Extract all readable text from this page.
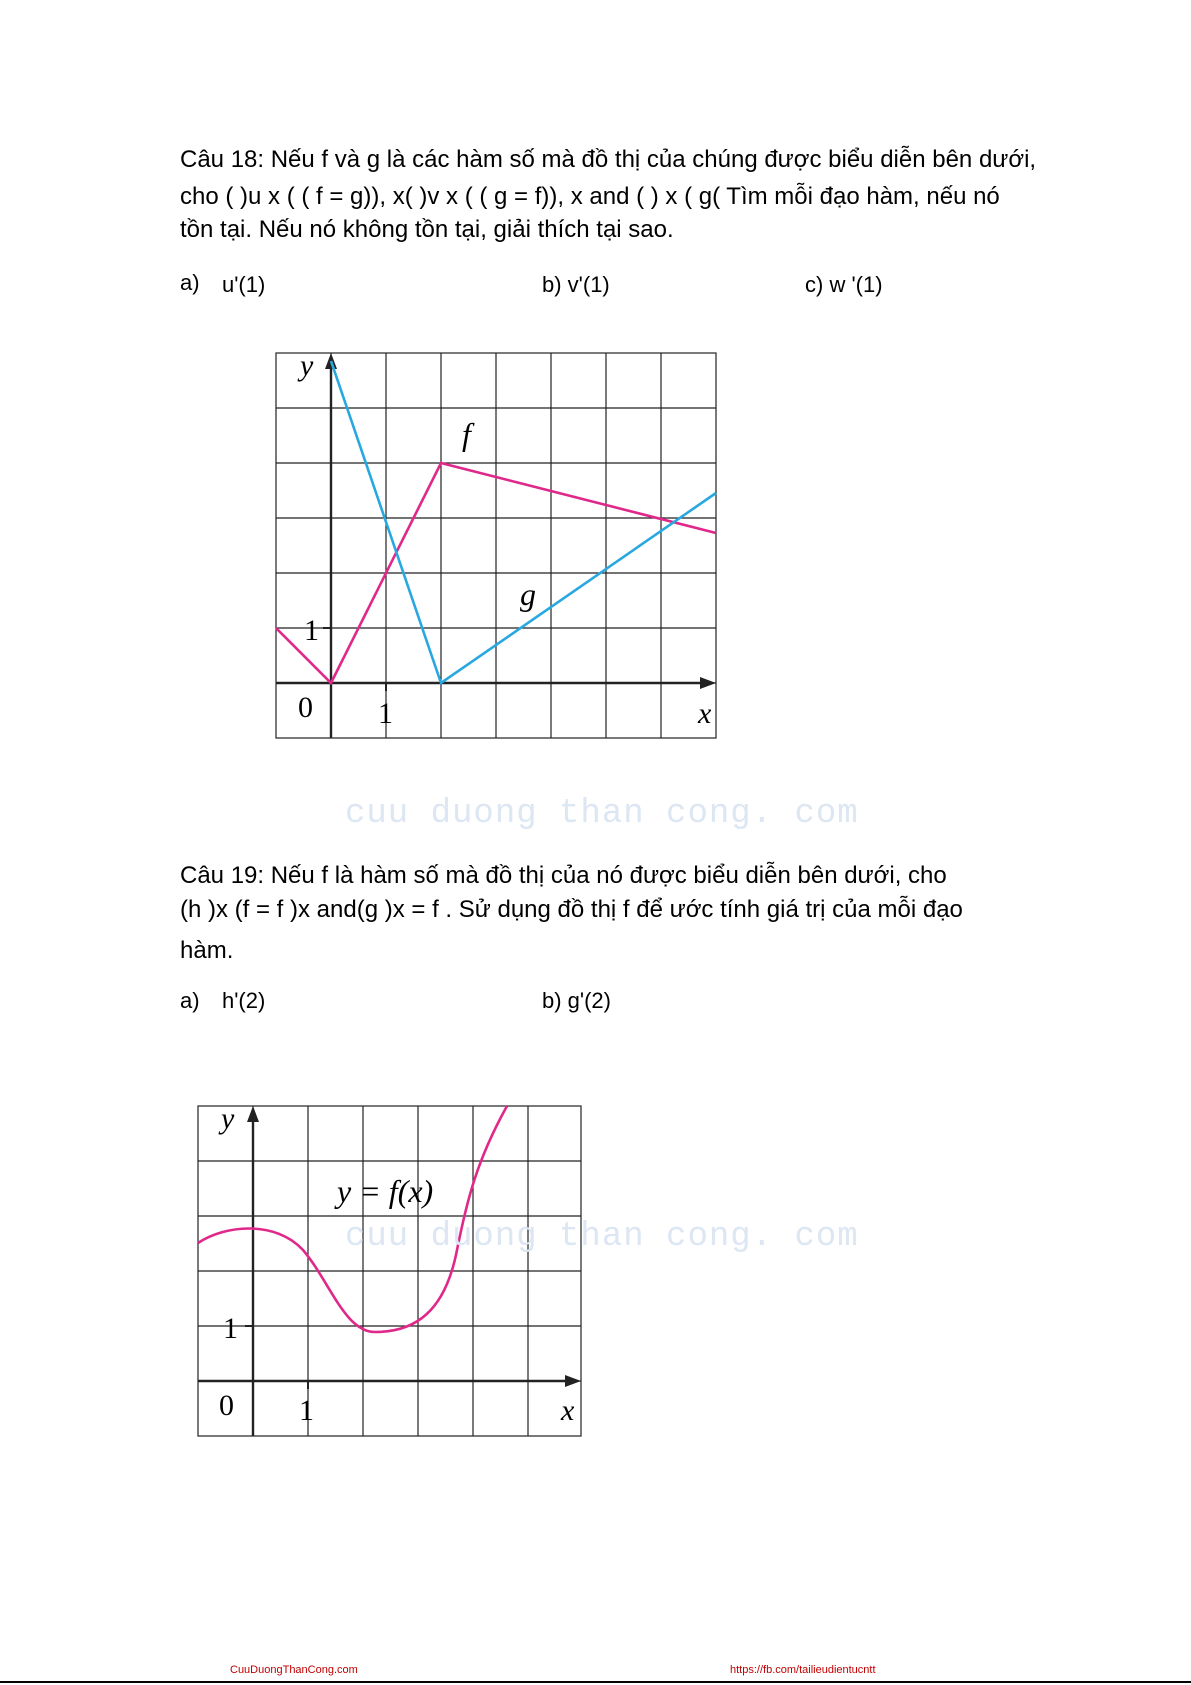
Câu 18: Nếu f và g là các hàm số mà đồ thị của chúng được biểu diễn bên dưới,
cho ( )u x ( ( f = g)), x( )v x ( ( g = f)), x and ( ) x ( g( Tìm mỗi đạo hàm, nếu nó
tồn tại. Nếu nó không tồn tại, giải thích tại sao.
a) u'(1)	b) v'(1)	c) w '(1)
y
x
0 1
1
f
g
cuu duong than cong. com
Câu 19: Nếu f là hàm số mà đồ thị của nó được biểu diễn bên dưới, cho
(h )x (f = f )x and(g )x = f . Sử dụng đồ thị f để ước tính giá trị của mỗi đạo
hàm.
a) h'(2)	b) g'(2)
y
x
0 1
1
y = f(x)
cuu duong than cong. com
CuuDuongThanCong.com	https://fb.com/tailieudientucntt
